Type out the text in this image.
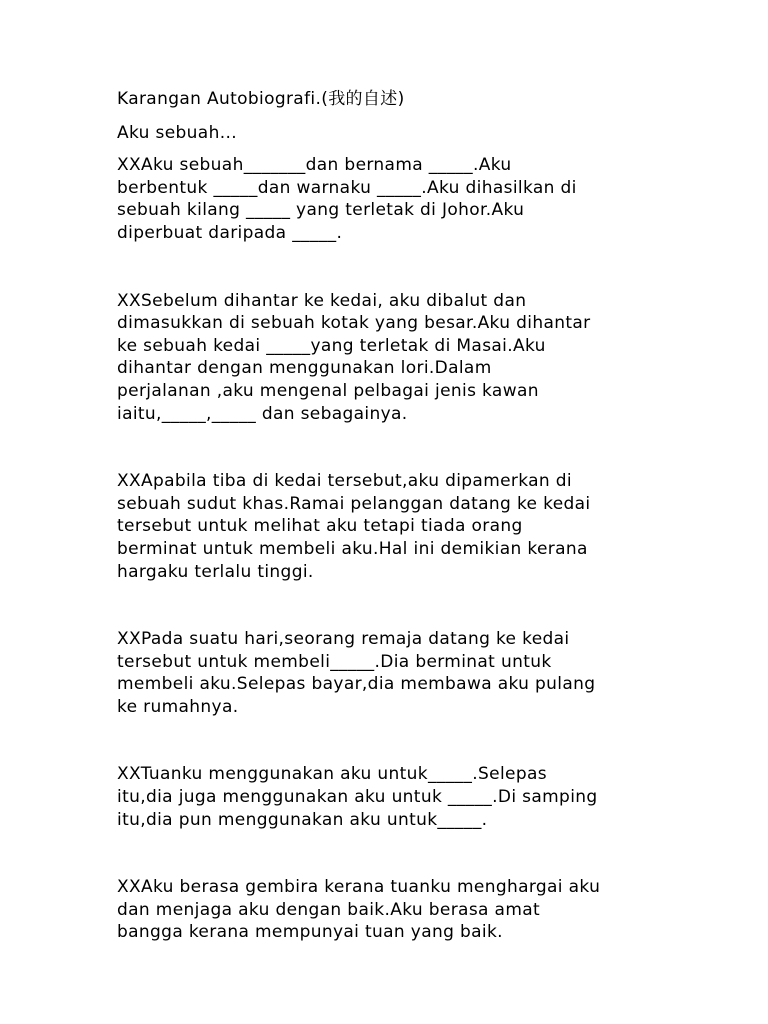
Karangan Autobiografi.(我的自述)

Aku sebuah...

XXAku sebuah_______dan bernama _____.Aku

berbentuk _____dan warnaku _____.Aku dihasilkan di

sebuah kilang _____ yang terletak di Johor.Aku

diperbuat daripada _____.

XXSebelum dihantar ke kedai, aku dibalut dan

dimasukkan di sebuah kotak yang besar.Aku dihantar

ke sebuah kedai _____yang terletak di Masai.Aku

dihantar dengan menggunakan lori.Dalam

perjalanan ,aku mengenal pelbagai jenis kawan

iaitu,_____,_____ dan sebagainya.

XXApabila tiba di kedai tersebut,aku dipamerkan di

sebuah sudut khas.Ramai pelanggan datang ke kedai

tersebut untuk melihat aku tetapi tiada orang

berminat untuk membeli aku.Hal ini demikian kerana

hargaku terlalu tinggi.

XXPada suatu hari,seorang remaja datang ke kedai

tersebut untuk membeli_____.Dia berminat untuk

membeli aku.Selepas bayar,dia membawa aku pulang

ke rumahnya.

XXTuanku menggunakan aku untuk_____.Selepas

itu,dia juga menggunakan aku untuk _____.Di samping

itu,dia pun menggunakan aku untuk_____.

XXAku berasa gembira kerana tuanku menghargai aku

dan menjaga aku dengan baik.Aku berasa amat

bangga kerana mempunyai tuan yang baik.
